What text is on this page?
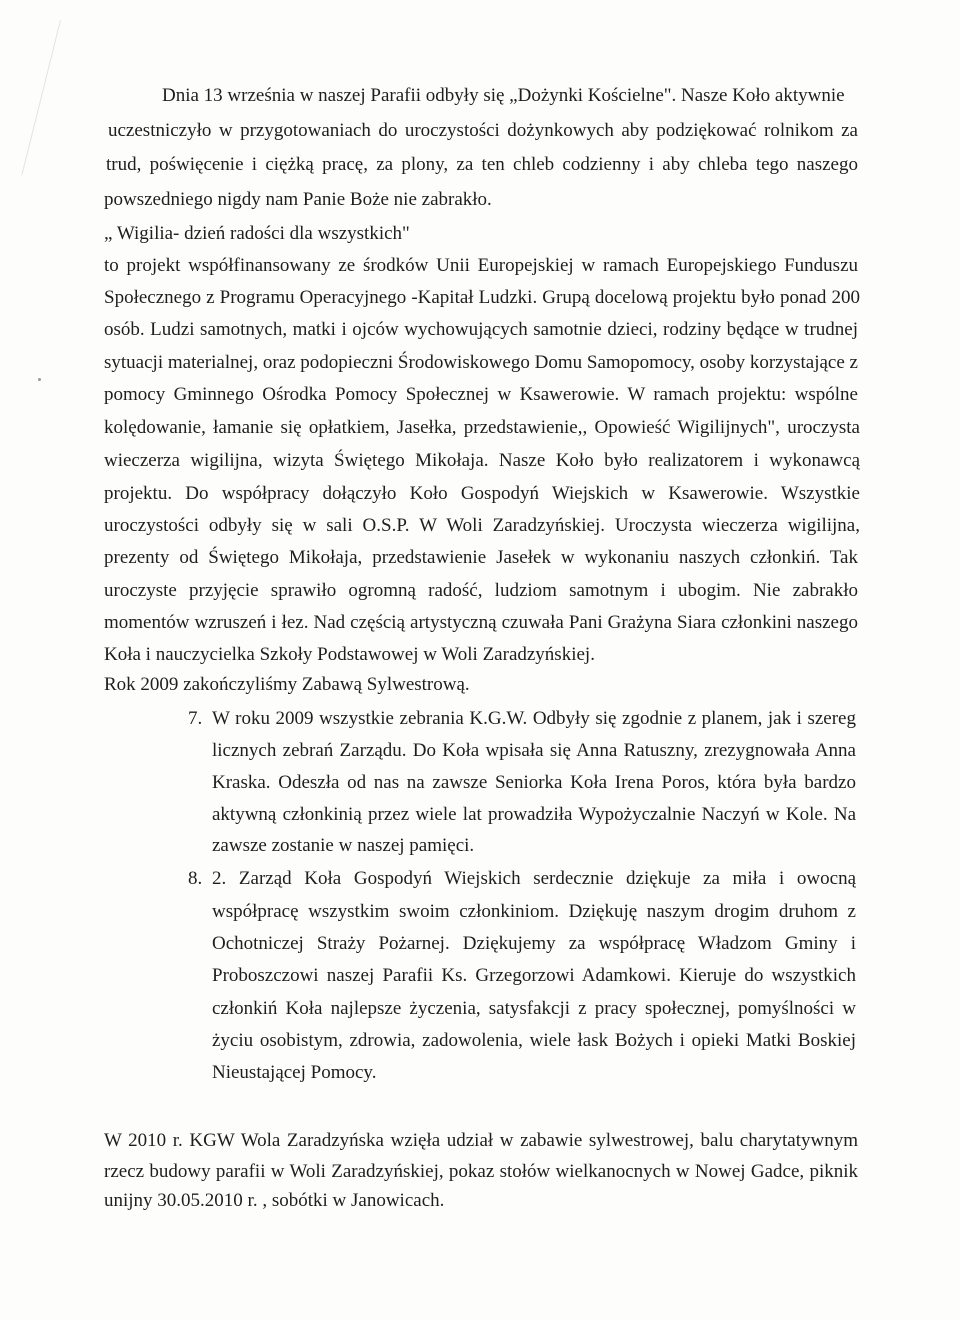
Dnia 13 września w naszej Parafii odbyły się „Dożynki Kościelne". Nasze Koło aktywnie
uczestniczyło w przygotowaniach do uroczystości dożynkowych aby podziękować rolnikom za
trud, poświęcenie i ciężką pracę, za plony, za ten chleb codzienny i aby chleba tego naszego
powszedniego nigdy nam Panie Boże nie zabrakło.
„ Wigilia- dzień radości dla wszystkich"
to projekt współfinansowany ze środków Unii Europejskiej w ramach Europejskiego Funduszu
Społecznego z Programu Operacyjnego -Kapitał Ludzki. Grupą docelową projektu było ponad 200
osób. Ludzi samotnych, matki i ojców wychowujących samotnie dzieci, rodziny będące w trudnej
sytuacji materialnej, oraz podopieczni Środowiskowego Domu Samopomocy, osoby korzystające z
pomocy Gminnego Ośrodka Pomocy Społecznej w Ksawerowie. W ramach projektu: wspólne
kolędowanie, łamanie się opłatkiem, Jasełka, przedstawienie,, Opowieść Wigilijnych", uroczysta
wieczerza wigilijna, wizyta Świętego Mikołaja. Nasze Koło było realizatorem i wykonawcą
projektu. Do współpracy dołączyło Koło Gospodyń Wiejskich w Ksawerowie. Wszystkie
uroczystości odbyły się w sali O.S.P. W Woli Zaradzyńskiej. Uroczysta wieczerza wigilijna,
prezenty od Świętego Mikołaja, przedstawienie Jasełek w wykonaniu naszych członkiń. Tak
uroczyste przyjęcie sprawiło ogromną radość, ludziom samotnym i ubogim. Nie zabrakło
momentów wzruszeń i łez. Nad częścią artystyczną czuwała Pani Grażyna Siara członkini naszego
Koła i nauczycielka Szkoły Podstawowej w Woli Zaradzyńskiej.
Rok 2009 zakończyliśmy Zabawą Sylwestrową.
7. W roku 2009 wszystkie zebrania K.G.W. Odbyły się zgodnie z planem, jak i szereg
licznych zebrań Zarządu. Do Koła wpisała się Anna Ratuszny, zrezygnowała Anna
Kraska. Odeszła od nas na zawsze Seniorka Koła Irena Poros, która była bardzo
aktywną członkinią przez wiele lat prowadziła Wypożyczalnie Naczyń w Kole. Na
zawsze zostanie w naszej pamięci.
8. 2. Zarząd Koła Gospodyń Wiejskich serdecznie dziękuje za miła i owocną
współpracę wszystkim swoim członkiniom. Dziękuję naszym drogim druhom z
Ochotniczej Straży Pożarnej. Dziękujemy za współpracę Władzom Gminy i
Proboszczowi naszej Parafii Ks. Grzegorzowi Adamkowi. Kieruje do wszystkich
członkiń Koła najlepsze życzenia, satysfakcji z pracy społecznej, pomyślności w
życiu osobistym, zdrowia, zadowolenia, wiele łask Bożych i opieki Matki Boskiej
Nieustającej Pomocy.
W 2010 r. KGW Wola Zaradzyńska wzięła udział w zabawie sylwestrowej, balu charytatywnym
rzecz budowy parafii w Woli Zaradzyńskiej, pokaz stołów wielkanocnych w Nowej Gadce, piknik
unijny 30.05.2010 r. , sobótki w Janowicach.
